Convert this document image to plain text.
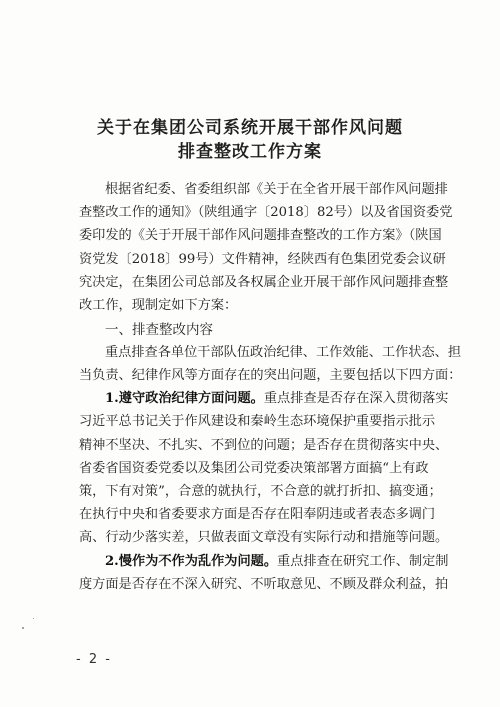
关于在集团公司系统开展干部作风问题
排查整改工作方案
根据省纪委、省委组织部《关于在全省开展干部作风问题排
查整改工作的通知》（陕组通字〔2018〕82号）以及省国资委党
委印发的《关于开展干部作风问题排查整改的工作方案》（陕国
资党发〔2018〕99号）文件精神，经陕西有色集团党委会议研
究决定，在集团公司总部及各权属企业开展干部作风问题排查整
改工作，现制定如下方案：
一、排查整改内容
重点排查各单位干部队伍政治纪律、工作效能、工作状态、担
当负责、纪律作风等方面存在的突出问题，主要包括以下四方面：
1.遵守政治纪律方面问题。重点排查是否存在深入贯彻落实
习近平总书记关于作风建设和秦岭生态环境保护重要指示批示
精神不坚决、不扎实、不到位的问题；是否存在贯彻落实中央、
省委省国资委党委以及集团公司党委决策部署方面搞“上有政
策，下有对策”，合意的就执行，不合意的就打折扣、搞变通；
在执行中央和省委要求方面是否存在阳奉阴违或者表态多调门
高、行动少落实差，只做表面文章没有实际行动和措施等问题。
2.慢作为不作为乱作为问题。重点排查在研究工作、制定制
度方面是否存在不深入研究、不听取意见、不顾及群众利益，拍
- 2 -
